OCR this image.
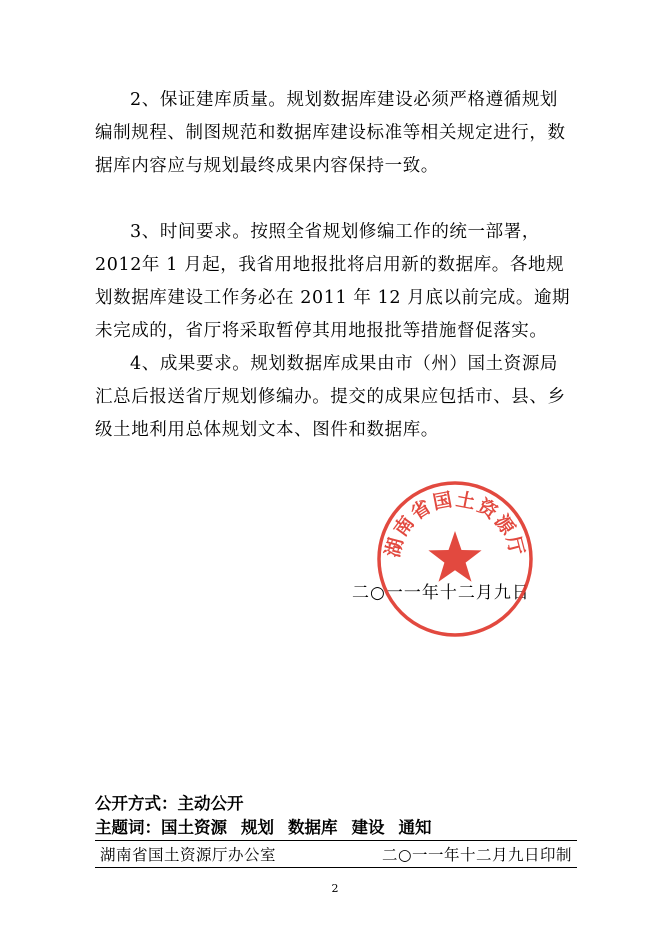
2、保证建库质量。规划数据库建设必须严格遵循规划编制规程、制图规范和数据库建设标准等相关规定进行，数据库内容应与规划最终成果内容保持一致。

3、时间要求。按照全省规划修编工作的统一部署，2012年 1 月起，我省用地报批将启用新的数据库。各地规划数据库建设工作务必在 2011 年 12 月底以前完成。逾期未完成的，省厅将采取暂停其用地报批等措施督促落实。

4、成果要求。规划数据库成果由市（州）国土资源局汇总后报送省厅规划修编办。提交的成果应包括市、县、乡级土地利用总体规划文本、图件和数据库。

二○一一年十二月九日
湖南省国土资源厅
公开方式：主动公开
主题词：国土资源 规划 数据库 建设 通知
湖南省国土资源厅办公室	二○一一年十二月九日印制
2
